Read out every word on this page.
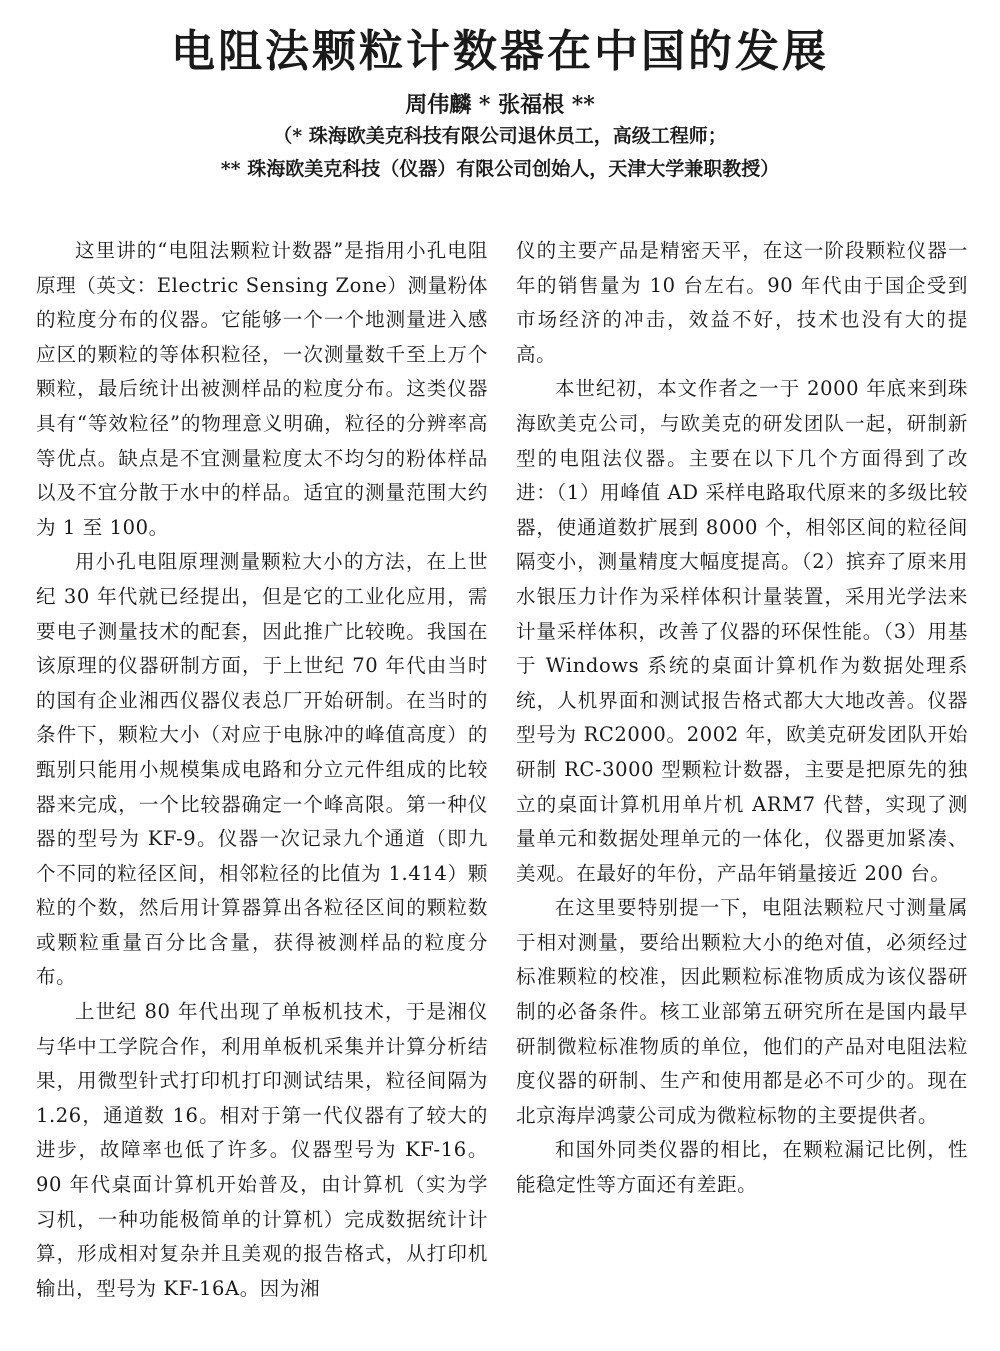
电阻法颗粒计数器在中国的发展
周伟麟 * 张福根 **
（* 珠海欧美克科技有限公司退休员工，高级工程师；
** 珠海欧美克科技（仪器）有限公司创始人，天津大学兼职教授）

这里讲的“电阻法颗粒计数器”是指用小孔电阻原理（英文：Electric Sensing Zone）测量粉体的粒度分布的仪器。它能够一个一个地测量进入感应区的颗粒的等体积粒径，一次测量数千至上万个颗粒，最后统计出被测样品的粒度分布。这类仪器具有“等效粒径”的物理意义明确，粒径的分辨率高等优点。缺点是不宜测量粒度太不均匀的粉体样品以及不宜分散于水中的样品。适宜的测量范围大约为 1 至 100。

用小孔电阻原理测量颗粒大小的方法，在上世纪 30 年代就已经提出，但是它的工业化应用，需要电子测量技术的配套，因此推广比较晚。我国在该原理的仪器研制方面，于上世纪 70 年代由当时的国有企业湘西仪器仪表总厂开始研制。在当时的条件下，颗粒大小（对应于电脉冲的峰值高度）的甄别只能用小规模集成电路和分立元件组成的比较器来完成，一个比较器确定一个峰高限。第一种仪器的型号为 KF-9。仪器一次记录九个通道（即九个不同的粒径区间，相邻粒径的比值为 1.414）颗粒的个数，然后用计算器算出各粒径区间的颗粒数或颗粒重量百分比含量，获得被测样品的粒度分布。

上世纪 80 年代出现了单板机技术，于是湘仪与华中工学院合作，利用单板机采集并计算分析结果，用微型针式打印机打印测试结果，粒径间隔为 1.26，通道数 16。相对于第一代仪器有了较大的进步，故障率也低了许多。仪器型号为 KF-16。 90 年代桌面计算机开始普及，由计算机（实为学习机，一种功能极简单的计算机）完成数据统计计算，形成相对复杂并且美观的报告格式，从打印机输出，型号为 KF-16A。因为湘

仪的主要产品是精密天平，在这一阶段颗粒仪器一年的销售量为 10 台左右。90 年代由于国企受到市场经济的冲击，效益不好，技术也没有大的提高。

本世纪初，本文作者之一于 2000 年底来到珠海欧美克公司，与欧美克的研发团队一起，研制新型的电阻法仪器。主要在以下几个方面得到了改进：（1）用峰值 AD 采样电路取代原来的多级比较器，使通道数扩展到 8000 个，相邻区间的粒径间隔变小，测量精度大幅度提高。（2）摈弃了原来用水银压力计作为采样体积计量装置，采用光学法来计量采样体积，改善了仪器的环保性能。（3）用基于 Windows 系统的桌面计算机作为数据处理系统，人机界面和测试报告格式都大大地改善。仪器型号为 RC2000。2002 年，欧美克研发团队开始研制 RC-3000 型颗粒计数器，主要是把原先的独立的桌面计算机用单片机 ARM7 代替，实现了测量单元和数据处理单元的一体化，仪器更加紧凑、美观。在最好的年份，产品年销量接近 200 台。

在这里要特别提一下，电阻法颗粒尺寸测量属于相对测量，要给出颗粒大小的绝对值，必须经过标准颗粒的校准，因此颗粒标准物质成为该仪器研制的必备条件。核工业部第五研究所在是国内最早研制微粒标准物质的单位，他们的产品对电阻法粒度仪器的研制、生产和使用都是必不可少的。现在北京海岸鸿蒙公司成为微粒标物的主要提供者。

和国外同类仪器的相比，在颗粒漏记比例，性能稳定性等方面还有差距。
